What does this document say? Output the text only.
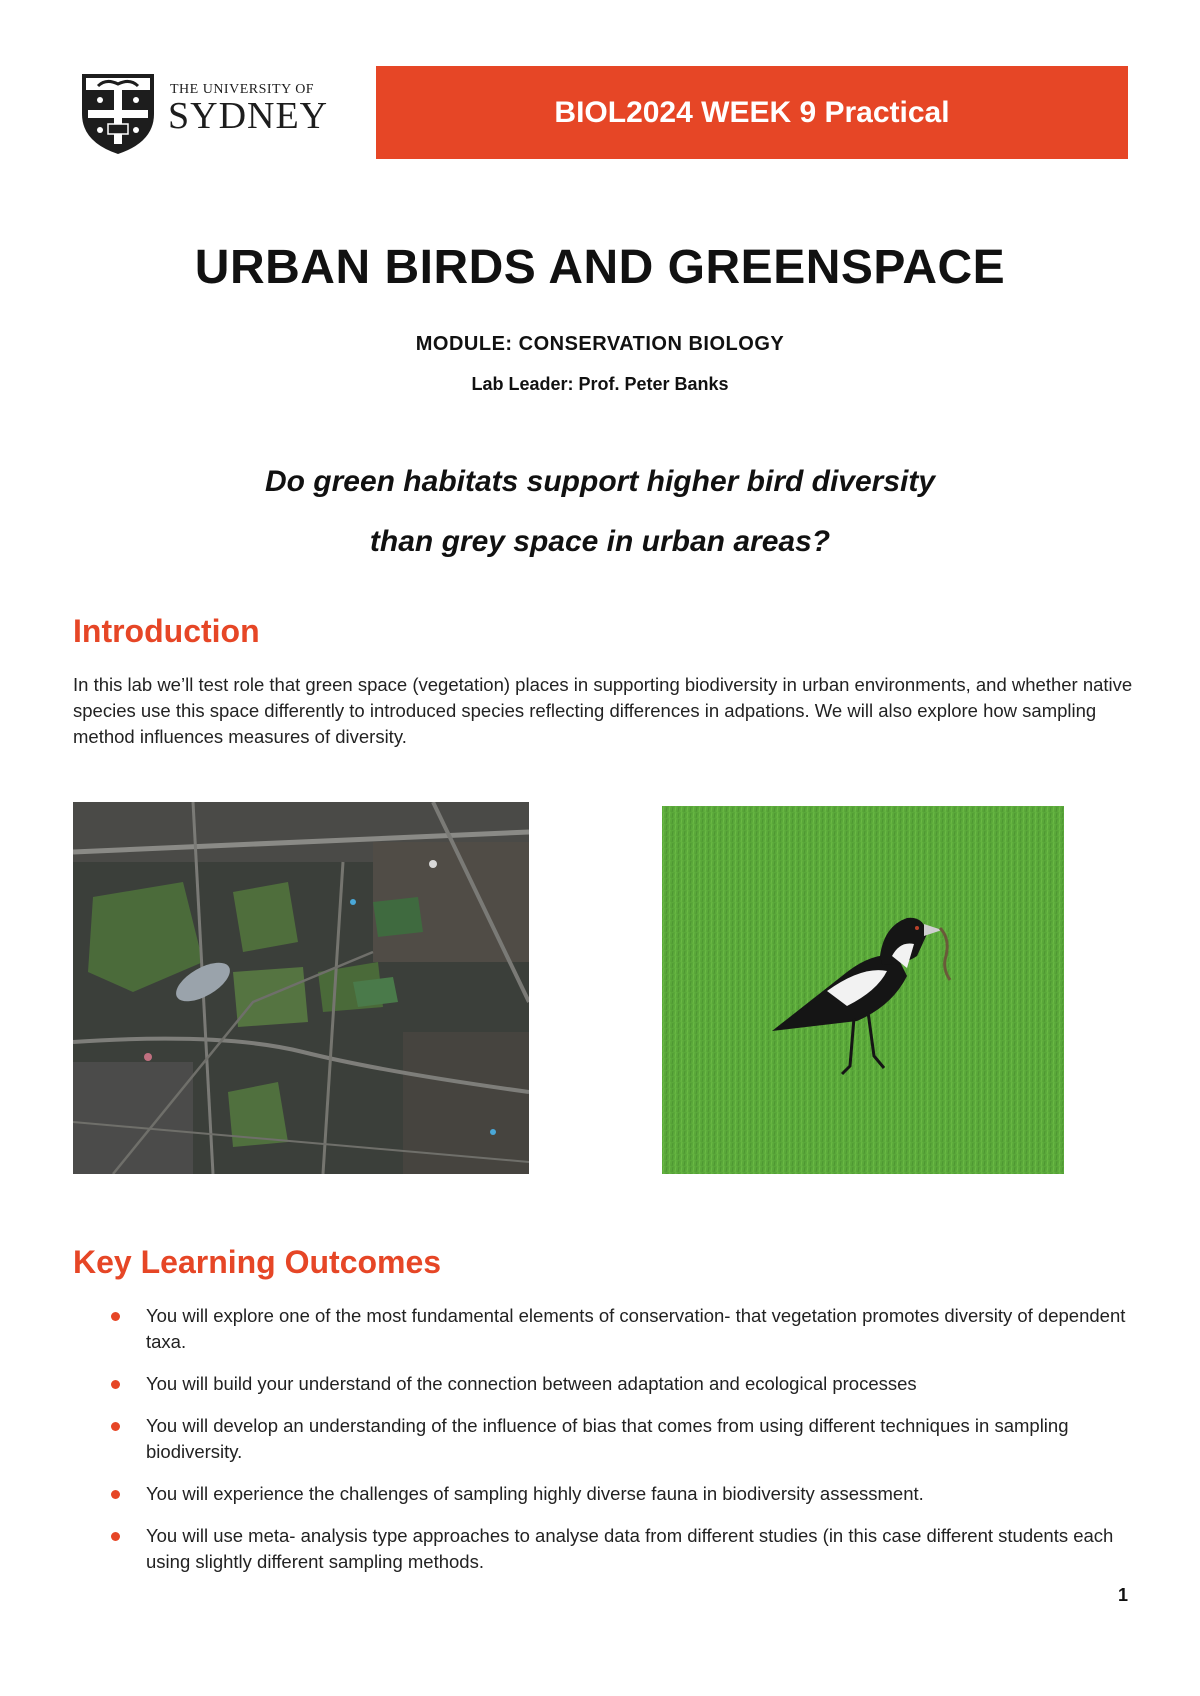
THE UNIVERSITY OF
SYDNEY	BIOL2024 WEEK 9 Practical
URBAN BIRDS AND GREENSPACE
MODULE: CONSERVATION BIOLOGY
Lab Leader: Prof. Peter Banks
Do green habitats support higher bird diversity
than grey space in urban areas?
Introduction
In this lab we’ll test role that green space (vegetation) places in supporting biodiversity in urban environments, and whether native species use this space differently to introduced species reflecting differences in adpations. We will also explore how sampling method influences measures of diversity.
Key Learning Outcomes
You will explore one of the most fundamental elements of conservation- that vegetation promotes diversity of dependent taxa.
You will build your understand of the connection between adaptation and ecological processes
You will develop an understanding of the influence of bias that comes from using different techniques in sampling biodiversity.
You will experience the challenges of sampling highly diverse fauna in biodiversity assessment.
You will use meta- analysis type approaches to analyse data from different studies (in this case different students each using slightly different sampling methods.
1
